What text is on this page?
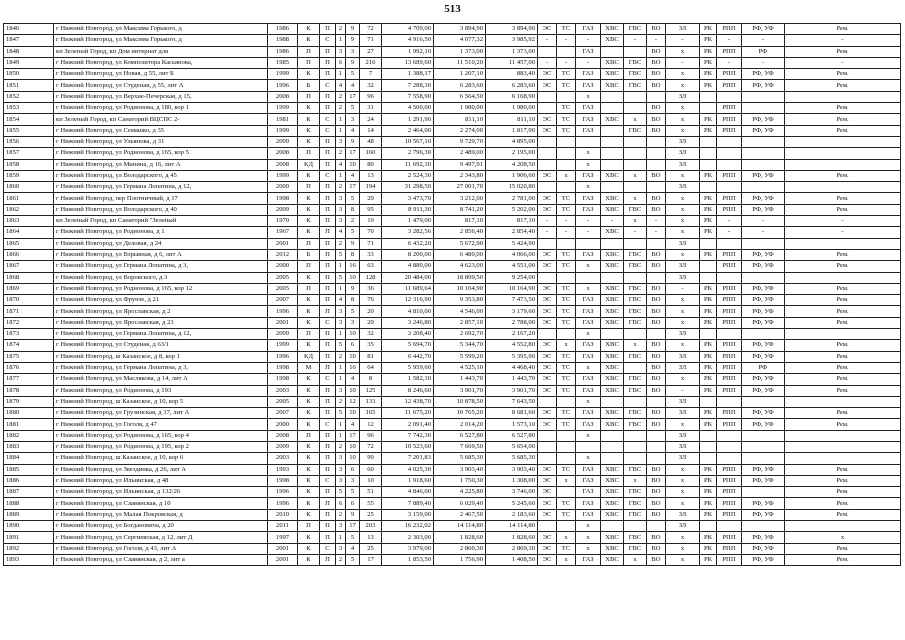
513
1846	г Нижний Новгород, ул Максима Горького, д	1986	К	П	2	9	72	4 709,00	3 894,90	3 894,90	ЭС	ТС	ГАЗ	ХВС	ГВС	ВО	ЗЛ	РК	РПП	РФ, УФ	Рем.
1847	г Нижний Новгород, ул Максима Горького, д	1988	К	С	1	9	71	4 916,50	4 077,32	3 985,92	-	-	-	ХВС	-	-	-	РК	-	-	-
1848	кп Зеленый Город, кп Дом интернат для	1986	П	П	3	3	27	1 992,10	1 373,00	1 373,00			ГАЗ			ВО	х	РК	РПП	РФ	Рем.
1849	г Нижний Новгород, ул Композитора Касьянова,	1985	П	П	6	9	216	13 689,60	11 510,20	11 457,00	-	-	-	ХВС	ГВС	ВО	-	РК	-	-	-
1850	г Нижний Новгород, ул Новая, д 55, лит Б	1999	К	П	1	5	7	1 388,17	1 207,10	883,40	ЭС	ТС	ГАЗ	ХВС	ГВС	ВО	х	РК	РПП	РФ, УФ	Рем.
1851	г Нижний Новгород, ул Студеная, д 55, лит А	1996	Б	С	4	4	32	7 288,30	6 283,60	6 283,60	ЭС	ТС	ГАЗ	ХВС	ГВС	ВО	х	РК	РПП	РФ, УФ	Рем.
1852	г Нижний Новгород, ул Верхне-Печерская, д 15,	2008	П	П	2	17	96	7 558,90	6 564,50	6 168,90			х				ЗЛ				
1853	г Нижний Новгород, ул Родионова, д 180, кор 1	1999	К	П	2	5	31	4 500,00	1 980,00	1 980,00		ТС	ГАЗ			ВО	х		РПП		Рем.
1854	кп Зеленый Город, кп Санаторий ВЦСПС 2-	1981	К	С	1	3	24	1 291,90	811,10	811,10	ЭС	ТС	ГАЗ	ХВС	х	ВО	х	РК	РПП	РФ, УФ	Рем.
1855	г Нижний Новгород, ул Семашко, д 35	1999	К	С	1	4	14	2 464,00	2 274,00	1 817,90	ЭС	ТС	ГАЗ		ГВС	ВО	х	РК	РПП	РФ, УФ	Рем.
1856	г Нижний Новгород, ул Ульянова, д 31	2009	К	П	3	9	48	10 567,10	9 729,70	4 895,00							ЗЛ				
1857	г Нижний Новгород, ул Родионова, д 165, кор 5	2008	П	П	2	17	160	2 796,30	2 489,00	2 195,00			х				ЗЛ				
1858	г Нижний Новгород, ул Минина, д 16, лит А	2008	КД	П	4	10	80	11 692,30	9 497,91	4 208,50			х				ЗЛ				
1859	г Нижний Новгород, ул Володарского, д 45	1999	К	С	1	4	13	2 524,30	2 343,80	1 906,60	ЭС	х	ГАЗ	ХВС	х	ВО	х	РК	РПП	РФ, УФ	Рем.
1860	г Нижний Новгород, ул Германа Лопатина, д 12,	2009	П	П	2	17	194	31 298,50	27 001,70	15 020,80			х				ЗЛ				
1861	г Нижний Новгород, пер Плотничный, д 17	1998	К	П	3	5	29	3 473,70	3 212,00	2 781,00	ЭС	ТС	ГАЗ	ХВС	х	ВО	х	РК	РПП	РФ, УФ	Рем.
1862	г Нижний Новгород, ул Володарского, д 40	2009	К	П	3	8	95	8 911,30	8 741,20	5 202,00	ЭС	ТС	ГАЗ	ХВС	ГВС	ВО	х	РК	РПП	РФ, УФ	Рем.
1863	кп Зеленый Город, кп Санаторий "Зеленый	1970	К	П	3	2	19	1 479,00	817,10	817,10	-	-	-	-	х	-	х	РК	-	-	-
1864	г Нижний Новгород, ул Родионова, д 1	1967	К	П	4	5	70	3 282,56	2 856,40	2 854,40	-	-	-	ХВС	-	-	х	РК	-	-	-
1865	г Нижний Новгород, ул Деловая, д 24	2001	П	П	2	9	71	6 432,20	5 672,90	5 424,90							ЗЛ				
1866	г Нижний Новгород, ул Взрывная, д 6, лит А	2012	Б	П	5	8	33	8 200,00	6 480,00	4 066,00	ЭС	ТС	ГАЗ	ХВС	ГВС	ВО	х	РК	РПП	РФ, УФ	Рем.
1867	г Нижний Новгород, ул Германа Лопатина, д 3,	2000	П	П	1	16	63	4 880,00	4 623,00	4 551,00	ЭС	ТС	х	ХВС	ГВС	ВО	ЗЛ		РПП	РФ, УФ	Рем.
1868	г Нижний Новгород, ул Воровского, д 3	2005	К	П	5	10	128	20 484,00	18 899,50	9 254,00							ЗЛ				
1869	г Нижний Новгород, ул Родионова, д 165, кор 12	2005	П	П	1	9	36	11 689,64	10 164,90	10 164,90	ЭС	ТС	х	ХВС	ГВС	ВО	-	РК	РПП	РФ, УФ	Рем.
1870	г Нижний Новгород, ул Фрунзе, д 21	2007	К	П	4	8	76	12 316,90	9 353,80	7 473,50	ЭС	ТС	ГАЗ	ХВС	ГВС	ВО	х	РК	РПП	РФ, УФ	Рем.
1871	г Нижний Новгород, ул Ярославская, д 2	1996	К	П	3	5	20	4 810,00	4 546,00	3 179,60	ЭС	ТС	ГАЗ	ХВС	ГВС	ВО	х	РК	РПП	РФ, УФ	Рем.
1872	г Нижний Новгород, ул Ярославская, д 23	2001	К	С	3	3	20	3 246,80	2 857,10	2 788,00	ЭС	ТС	ГАЗ	ХВС	ГВС	ВО	х	РК	РПП	РФ, УФ	Рем.
1873	г Нижний Новгород, ул Германа Лопатина, д 12,	2009	П	П	1	10	32	3 208,40	2 692,70	2 167,20			х				ЗЛ				
1874	г Нижний Новгород, ул Студеная, д 63/1	1999	К	П	5	6	35	5 694,70	5 344,70	4 552,80	ЭС	х	ГАЗ	ХВС	х	ВО	х	РК	РПП	РФ, УФ	Рем.
1875	г Нижний Новгород, ш Казанское, д 8, кор 1	1996	КД	П	2	10	81	6 442,70	5 599,20	5 395,90	ЭС	ТС	ГАЗ	ХВС	ГВС	ВО	ЗЛ	РК	РПП	РФ, УФ	Рем.
1876	г Нижний Новгород, ул Германа Лопатина, д 3,	1998	М	П	1	16	64	5 959,60	4 525,10	4 468,40	ЭС	ТС	х	ХВС		ВО	ЗЛ	РК	РПП	РФ	Рем.
1877	г Нижний Новгород, ул Маслякова, д 14, лит А	1998	К	С	1	4	8	1 582,30	1 443,70	1 443,70	ЭС	ТС	ГАЗ	ХВС	ГВС	ВО	х	РК	РПП	РФ, УФ	Рем.
1878	г Нижний Новгород, ул Родионова, д 193	2003	К	П	3	10	125	8 246,60	3 901,70	3 901,70	ЭС	ТС	ГАЗ	ХВС	ГВС	ВО	-	РК	РПП	РФ, УФ	Рем.
1879	г Нижний Новгород, ш Казанское, д 10, кор 5	2005	К	П	2	12	133	12 438,70	10 878,50	7 643,50			х				ЗЛ				
1880	г Нижний Новгород, ул Грузинская, д 37, лит А	2007	К	П	5	10	165	11 675,20	10 765,20	8 681,60	ЭС	ТС	ГАЗ	ХВС	ГВС	ВО	ЗЛ	РК	РПП	РФ, УФ	Рем.
1881	г Нижний Новгород, ул Гоголя, д 47	2000	К	С	1	4	12	2 091,40	2 014,20	1 573,10	ЭС	ТС	ГАЗ	ХВС	ГВС	ВО	х	РК	РПП	РФ, УФ	Рем.
1882	г Нижний Новгород, ул Родионова, д 165, кор 4	2008	П	П	1	17	96	7 742,30	6 527,80	6 527,80			х				ЗЛ				
1883	г Нижний Новгород, ул Родионова, д 195, кор 2	2009	К	П	2	10	72	10 523,60	7 669,50	5 654,00							ЗЛ				
1884	г Нижний Новгород, ш Казанское, д 10, кор 6	2003	К	П	3	10	99	7 201,83	5 685,30	5 685,30			х				ЗЛ				
1885	г Нижний Новгород, ул Звездинка, д 26, лит А	1993	К	П	3	6	60	4 025,30	3 903,40	3 903,40	ЭС	ТС	ГАЗ	ХВС	ГВС	ВО	х	РК	РПП	РФ, УФ	Рем.
1886	г Нижний Новгород, ул Ильинская, д 48	1998	К	С	3	3	10	1 918,60	1 750,30	1 308,00	ЭС	х	ГАЗ	ХВС	х	ВО	х	РК	РПП	РФ, УФ	Рем.
1887	г Нижний Новгород, ул Ильинская, д 132/26	1996	К	П	5	5	51	4 846,00	4 225,80	3 746,00	ЭС		ГАЗ	ХВС	ГВС	ВО	х	РК	РПП		Рем.
1888	г Нижний Новгород, ул Славянская, д 10	1996	К	П	6	6	55	7 889,40	6 029,40	5 245,60	ЭС	ТС	ГАЗ	ХВС	ГВС	ВО	х	РК	РПП	РФ, УФ	Рем.
1889	г Нижний Новгород, ул Малая Покровская, д	2010	К	П	2	9	25	3 159,00	2 467,50	2 183,60	ЭС	ТС	ГАЗ	ХВС	ГВС	ВО	ЗЛ	РК	РПП	РФ, УФ	Рем.
1890	г Нижний Новгород, ул Богдановича, д 20	2011	П	П	3	17	203	16 232,02	14 114,80	14 114,80			х				ЗЛ				
1891	г Нижний Новгород, ул Сергиевская, д 12, лит Д	1997	К	П	1	5	13	2 303,00	1 828,60	1 828,60	ЭС	х	х	ХВС	ГВС	ВО	х	РК	РПП	РФ, УФ	х
1892	г Нижний Новгород, ул Гоголя, д 43, лит А	2001	К	С	3	4	25	3 979,00	2 860,30	2 869,30	ЭС	ТС	х	ХВС	ГВС	ВО	х	РК	РПП	РФ, УФ	Рем.
1893	г Нижний Новгород, ул Славянская, д 2, лит а	2001	К	П	2	5	17	1 853,50	1 756,90	1 408,50	ЭС	х	ГАЗ	ХВС	х	ВО	х	РК	РПП	РФ, УФ	Рем.
